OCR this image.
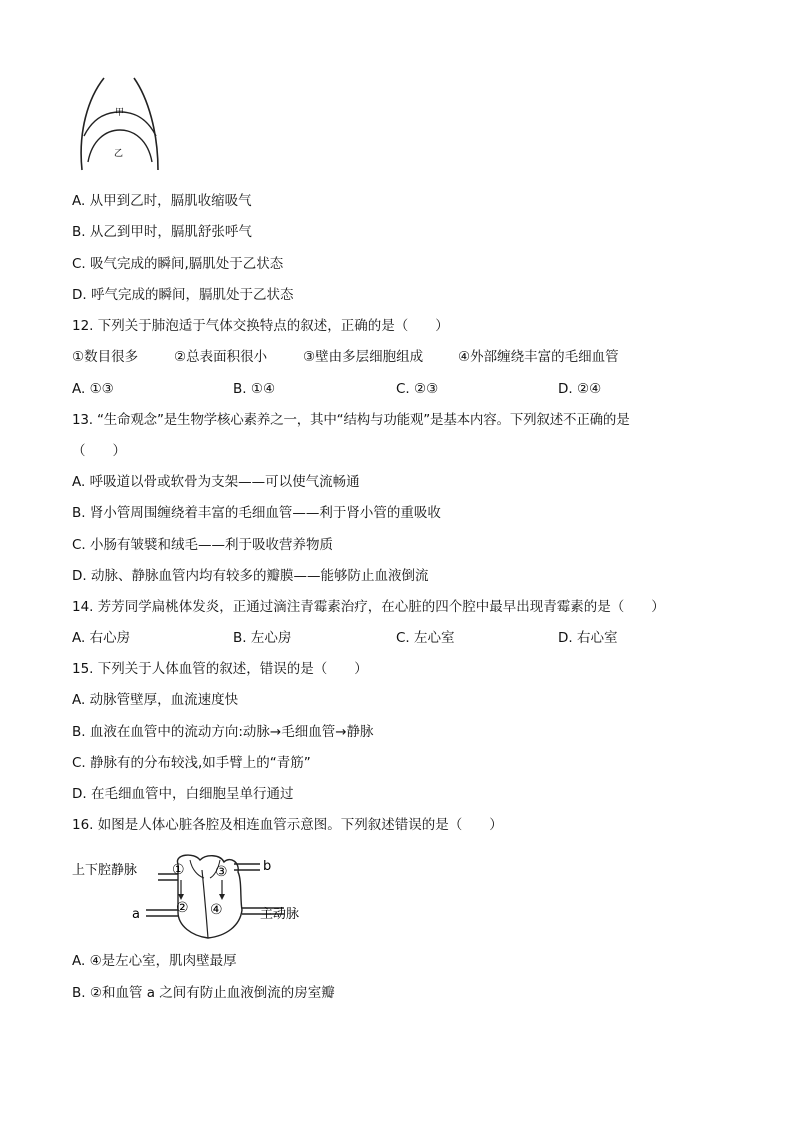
甲
乙
A. 从甲到乙时，膈肌收缩吸气
B. 从乙到甲时，膈肌舒张呼气
C. 吸气完成的瞬间,膈肌处于乙状态
D. 呼气完成的瞬间，膈肌处于乙状态
12. 下列关于肺泡适于气体交换特点的叙述，正确的是（　　）
①数目很多	②总表面积很小	③壁由多层细胞组成	④外部缠绕丰富的毛细血管
A. ①③	B. ①④	C. ②③	D. ②④
13. “生命观念”是生物学核心素养之一，其中“结构与功能观”是基本内容。下列叙述不正确的是
（　　）
A. 呼吸道以骨或软骨为支架——可以使气流畅通
B. 肾小管周围缠绕着丰富的毛细血管——利于肾小管的重吸收
C. 小肠有皱襞和绒毛——利于吸收营养物质
D. 动脉、静脉血管内均有较多的瓣膜——能够防止血液倒流
14. 芳芳同学扁桃体发炎，正通过滴注青霉素治疗，在心脏的四个腔中最早出现青霉素的是（　　）
A. 右心房	B. 左心房	C. 左心室	D. 右心室
15. 下列关于人体血管的叙述，错误的是（　　）
A. 动脉管壁厚，血流速度快
B. 血液在血管中的流动方向:动脉→毛细血管→静脉
C. 静脉有的分布较浅,如手臂上的“青筋”
D. 在毛细血管中，白细胞呈单行通过
16. 如图是人体心脏各腔及相连血管示意图。下列叙述错误的是（　　）
上下腔静脉	b
a	主动脉
①
②
③
④
A. ④是左心室，肌肉壁最厚
B. ②和血管 a 之间有防止血液倒流的房室瓣
